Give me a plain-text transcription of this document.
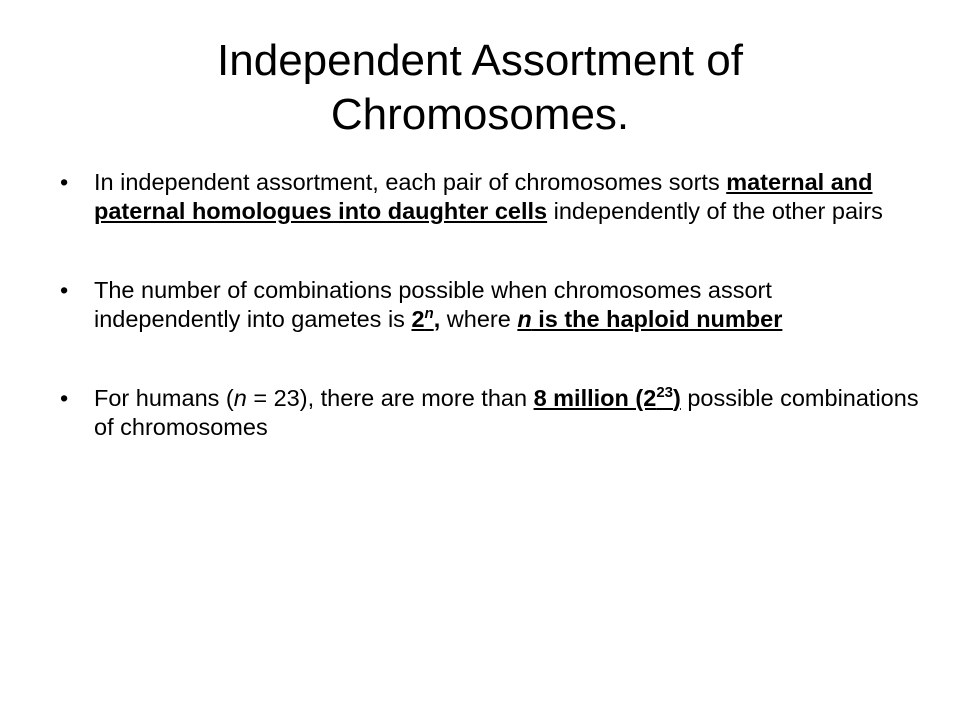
Independent Assortment of Chromosomes.
• In independent assortment, each pair of chromosomes sorts maternal and paternal homologues into daughter cells independently of the other pairs
• The number of combinations possible when chromosomes assort independently into gametes is 2$^n$, where n is the haploid number
• For humans (n = 23), there are more than 8 million $(2^{23})$ possible combinations of chromosomes
